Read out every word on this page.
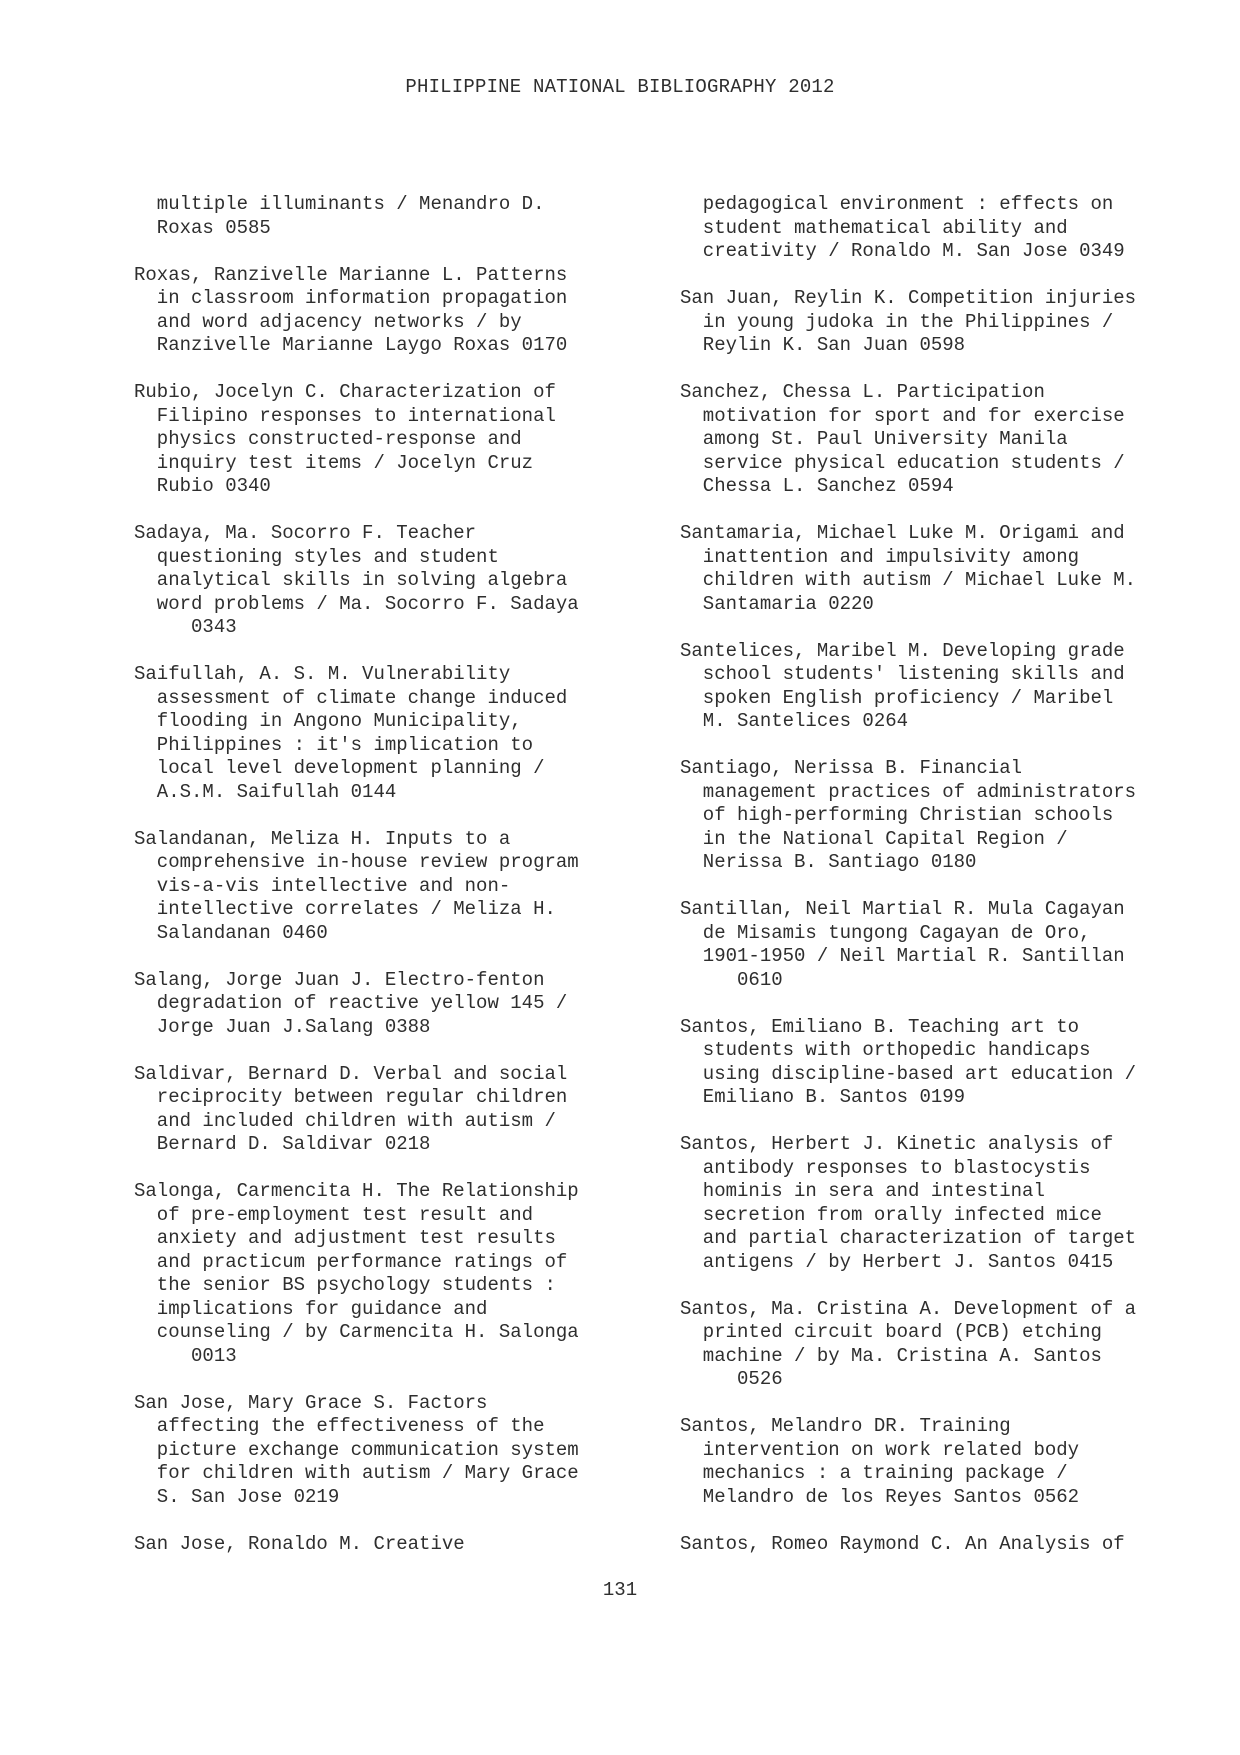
PHILIPPINE NATIONAL BIBLIOGRAPHY 2012
multiple illuminants / Menandro D.
Roxas 0585
Roxas, Ranzivelle Marianne L. Patterns
in classroom information propagation
and word adjacency networks / by
Ranzivelle Marianne Laygo Roxas 0170
Rubio, Jocelyn C. Characterization of
Filipino responses to international
physics constructed-response and
inquiry test items / Jocelyn Cruz
Rubio 0340
Sadaya, Ma. Socorro F. Teacher
questioning styles and student
analytical skills in solving algebra
word problems / Ma. Socorro F. Sadaya
0343
Saifullah, A. S. M. Vulnerability
assessment of climate change induced
flooding in Angono Municipality,
Philippines : it's implication to
local level development planning /
A.S.M. Saifullah 0144
Salandanan, Meliza H. Inputs to a
comprehensive in-house review program
vis-a-vis intellective and non-
intellective correlates / Meliza H.
Salandanan 0460
Salang, Jorge Juan J. Electro-fenton
degradation of reactive yellow 145 /
Jorge Juan J.Salang 0388
Saldivar, Bernard D. Verbal and social
reciprocity between regular children
and included children with autism /
Bernard D. Saldivar 0218
Salonga, Carmencita H. The Relationship
of pre-employment test result and
anxiety and adjustment test results
and practicum performance ratings of
the senior BS psychology students :
implications for guidance and
counseling / by Carmencita H. Salonga
0013
San Jose, Mary Grace S. Factors
affecting the effectiveness of the
picture exchange communication system
for children with autism / Mary Grace
S. San Jose 0219
San Jose, Ronaldo M. Creative
pedagogical environment : effects on
student mathematical ability and
creativity / Ronaldo M. San Jose 0349
San Juan, Reylin K. Competition injuries
in young judoka in the Philippines /
Reylin K. San Juan 0598
Sanchez, Chessa L. Participation
motivation for sport and for exercise
among St. Paul University Manila
service physical education students /
Chessa L. Sanchez 0594
Santamaria, Michael Luke M. Origami and
inattention and impulsivity among
children with autism / Michael Luke M.
Santamaria 0220
Santelices, Maribel M. Developing grade
school students' listening skills and
spoken English proficiency / Maribel
M. Santelices 0264
Santiago, Nerissa B. Financial
management practices of administrators
of high-performing Christian schools
in the National Capital Region /
Nerissa B. Santiago 0180
Santillan, Neil Martial R. Mula Cagayan
de Misamis tungong Cagayan de Oro,
1901-1950 / Neil Martial R. Santillan
0610
Santos, Emiliano B. Teaching art to
students with orthopedic handicaps
using discipline-based art education /
Emiliano B. Santos 0199
Santos, Herbert J. Kinetic analysis of
antibody responses to blastocystis
hominis in sera and intestinal
secretion from orally infected mice
and partial characterization of target
antigens / by Herbert J. Santos 0415
Santos, Ma. Cristina A. Development of a
printed circuit board (PCB) etching
machine / by Ma. Cristina A. Santos
0526
Santos, Melandro DR. Training
intervention on work related body
mechanics : a training package /
Melandro de los Reyes Santos 0562
Santos, Romeo Raymond C. An Analysis of
131
